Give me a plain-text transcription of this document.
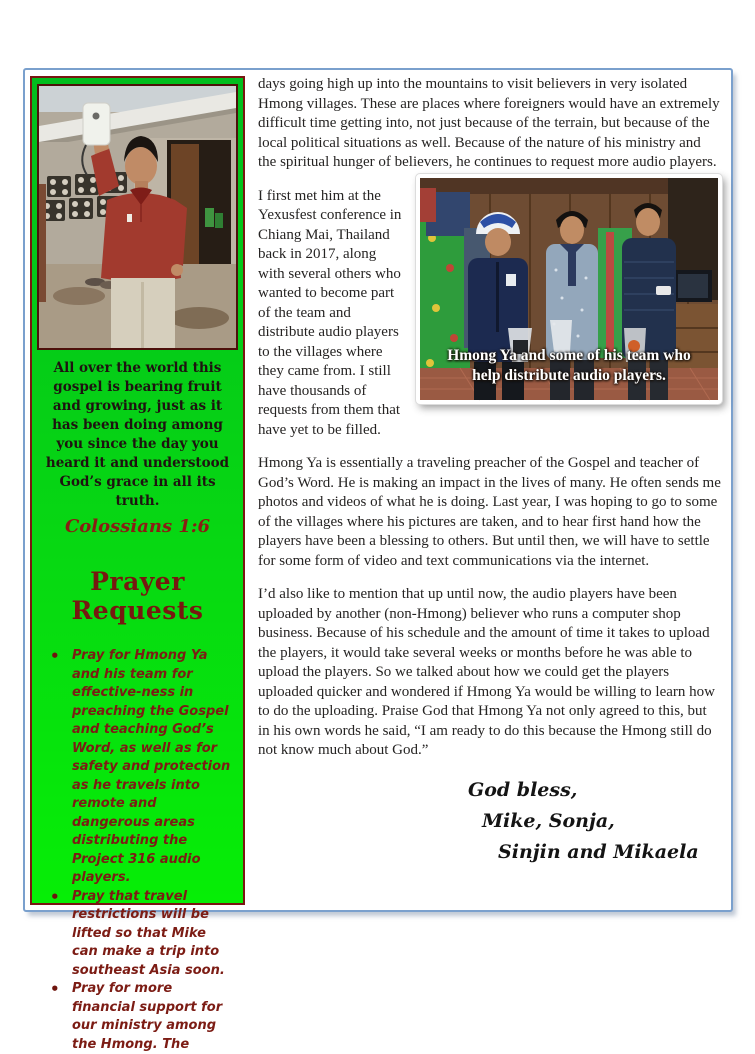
All over the world this gospel is bearing fruit and growing, just as it has been doing among you since the day you heard it and understood God’s grace in all its truth.

Colossians 1:6

Prayer Requests

• Pray for Hmong Ya and his team for effective-ness in preaching the Gospel and teaching God’s Word, as well as for safety and protection as he travels into remote and dangerous areas distributing the Project 316 audio players.
• Pray that travel restrictions will be lifted so that Mike can make a trip into southeast Asia soon.
• Pray for more financial support for our ministry among the Hmong. The

days going high up into the mountains to visit believers in very isolated Hmong villages. These are places where foreigners would have an extremely difficult time getting into, not just because of the terrain, but because of the local political situations as well. Because of the nature of his ministry and the spiritual hunger of believers, he continues to request
Hmong Ya and some of his team who help distribute audio players.
more audio players.

I first met him at the Yexusfest conference in Chiang Mai, Thailand back in 2017, along with several others who wanted to become part of the team and distribute audio players to the villages where they came from. I still have thousands of requests from them that have yet to be filled.

Hmong Ya is essentially a traveling preacher of the Gospel and teacher of God’s Word. He is making an impact in the lives of many. He often sends me photos and videos of what he is doing. Last year, I was hoping to go to some of the villages where his pictures are taken, and to hear first hand how the players have been a blessing to others. But until then, we will have to settle for some form of video and text communications via the internet.

I’d also like to mention that up until now, the audio players have been uploaded by another (non-Hmong) believer who runs a computer shop business. Because of his schedule and the amount of time it takes to upload the players, it would take several weeks or months before he was able to upload the players. So we talked about how we could get the players uploaded quicker and wondered if Hmong Ya would be willing to learn how to do the uploading. Praise God that Hmong Ya not only agreed to this, but in his own words he said, “I am ready to do this because the Hmong still do not know much about God.”

God bless,
Mike, Sonja,
Sinjin and Mikaela
